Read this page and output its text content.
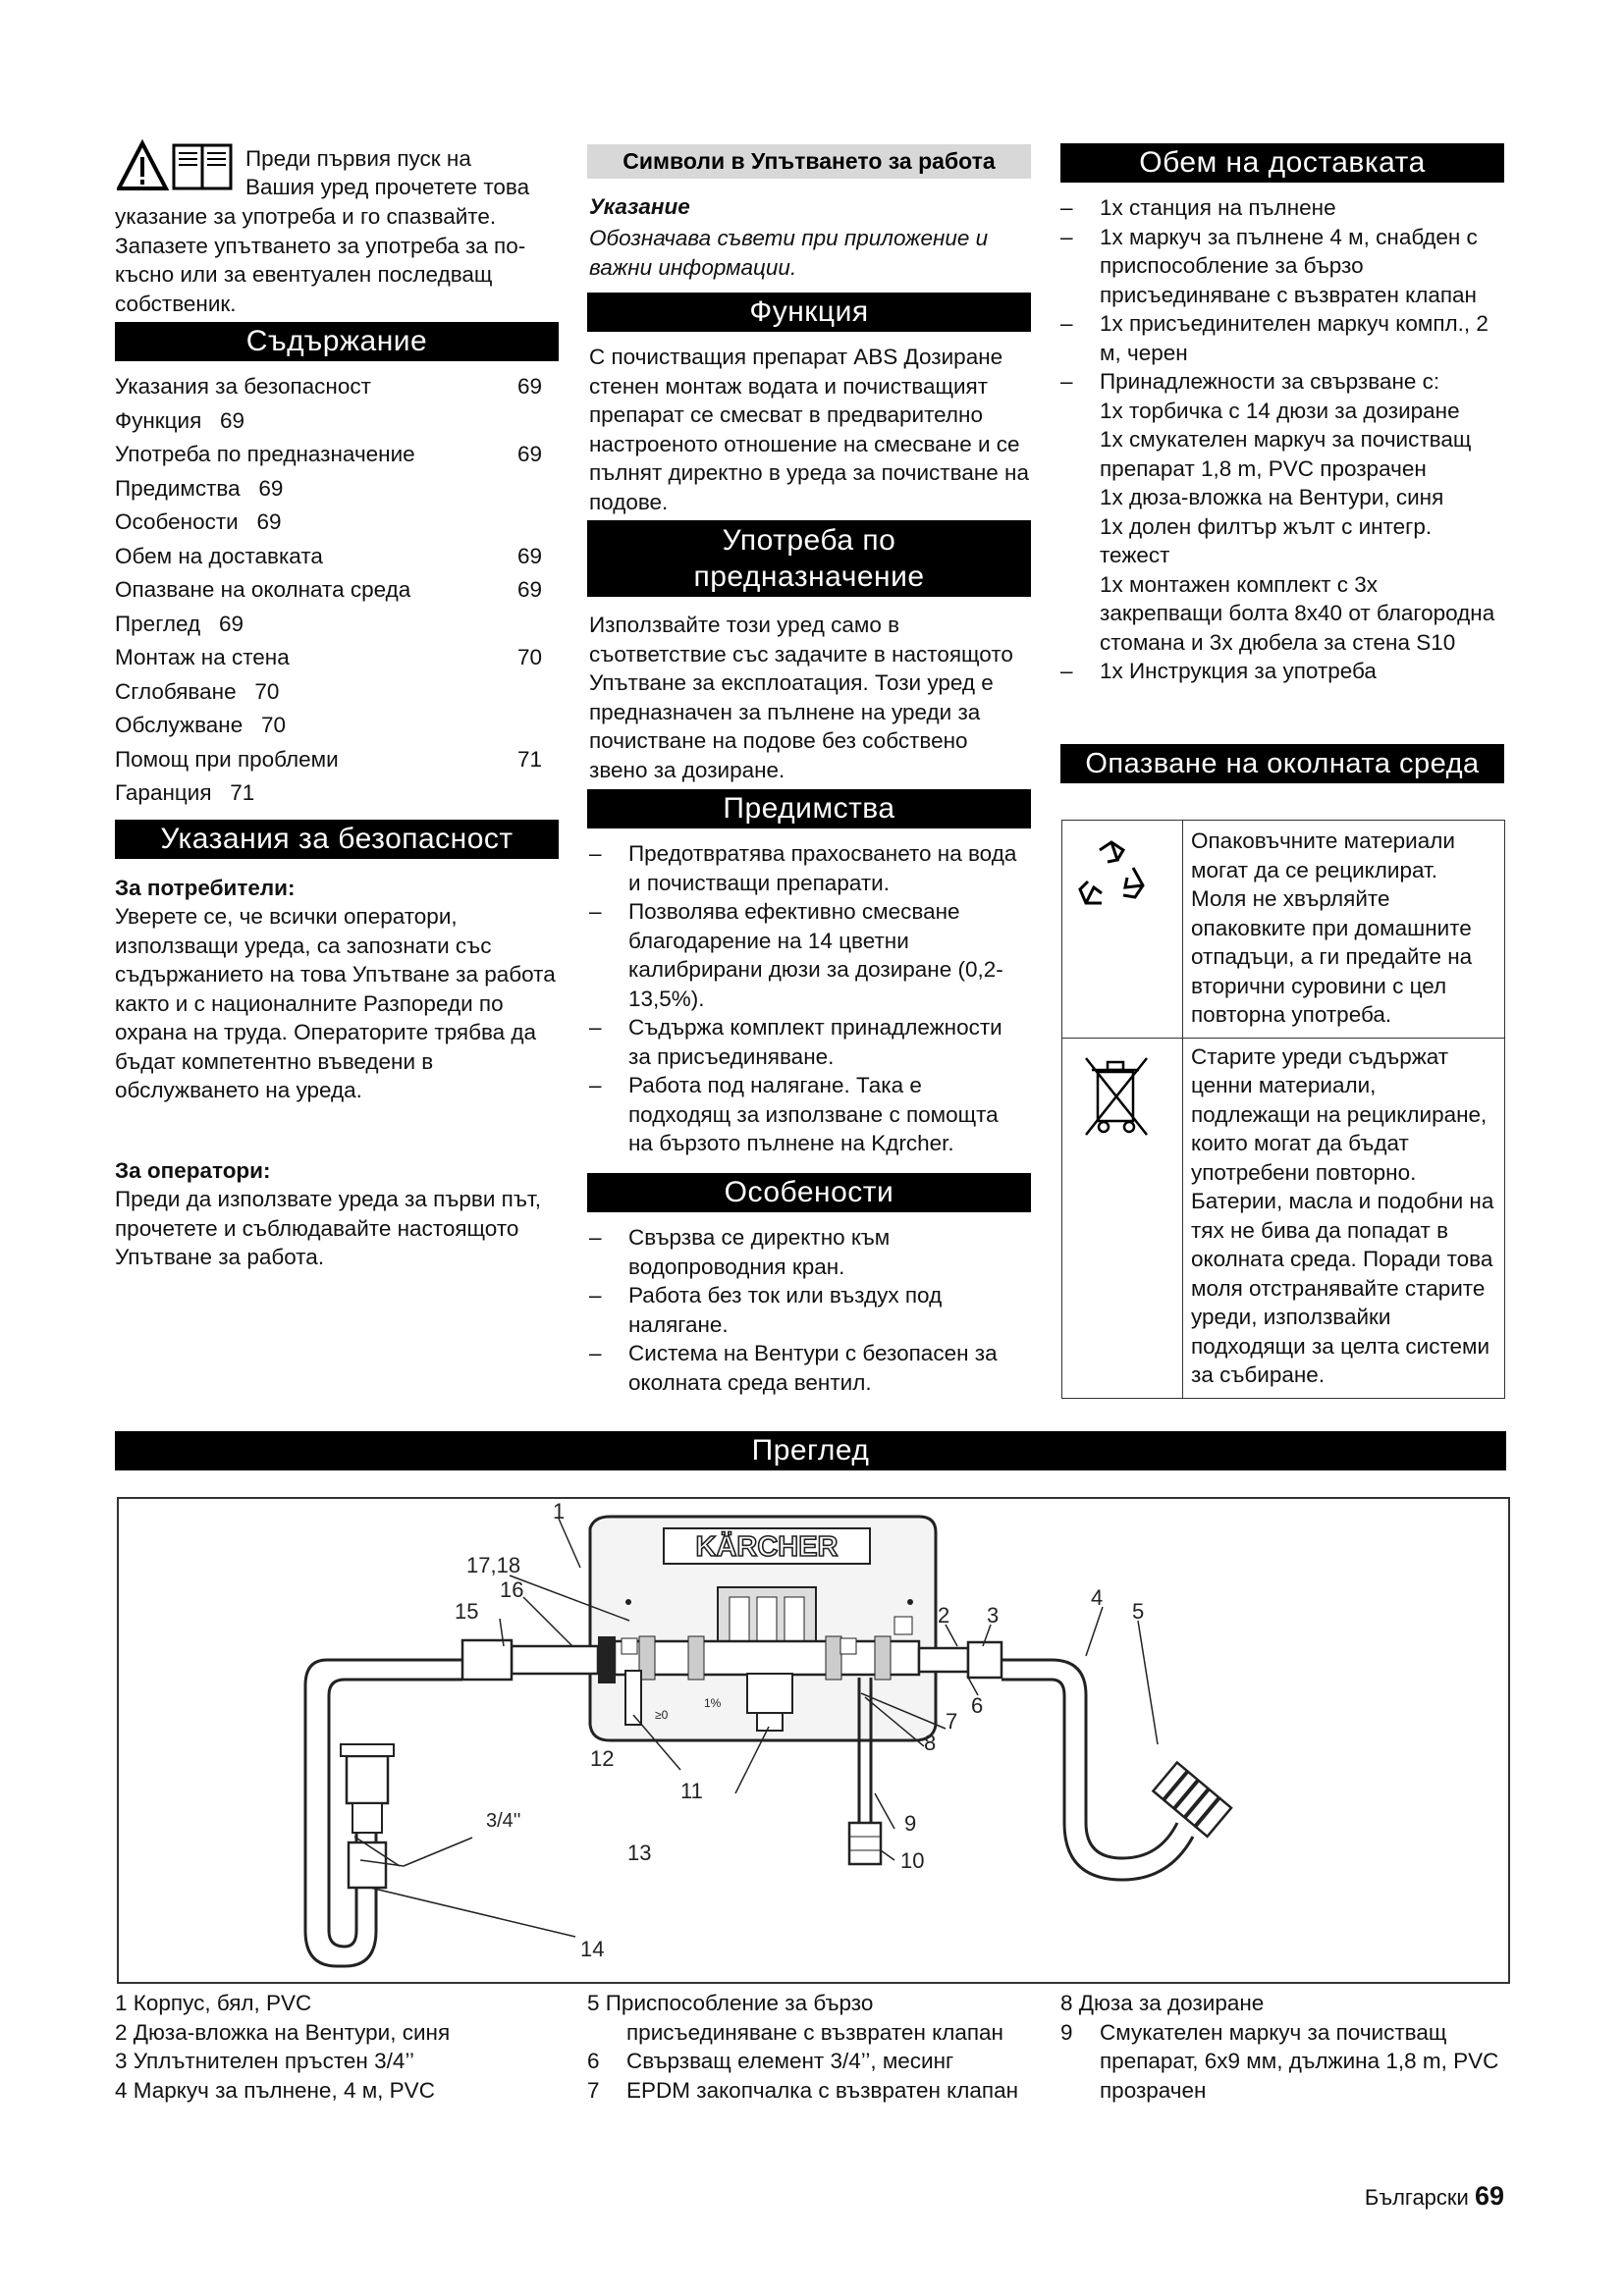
Преди първия пуск на
Вашия уред прочетете това
указание за употреба и го спазвайте. Запазете упътването за употреба за по-късно или за евентуален последващ собственик.
Съдържание
Указания за безопасност	69
Функция 69
Употреба по предназначение	69
Предимства 69
Особености 69
Обем на доставката	69
Опазване на околната среда	69
Преглед 69
Монтаж на стена	70
Сглобяване 70
Обслужване 70
Помощ при проблеми	71
Гаранция 71
Указания за безопасност
За потребители:
Уверете се, че всички оператори, използващи уреда, са запознати със съдържанието на това Упътване за работа както и с националните Разпореди по охрана на труда. Операторите трябва да бъдат компетентно въведени в обслужването на уреда.
За оператори:
Преди да използвате уреда за първи път, прочетете и съблюдавайте настоящото Упътване за работа.
Символи в Упътването за работа
Указание
Обозначава съвети при приложение и важни информации.
Функция
С почистващия препарат ABS Дозиране стенен монтаж водата и почистващият препарат се смесват в предварително настроеното отношение на смесване и се пълнят директно в уреда за почистване на подове.
Употреба по
предназначение
Използвайте този уред само в съответствие със задачите в настоящото Упътване за експлоатация. Този уред е предназначен за пълнене на уреди за почистване на подове без собствено звено за дозиране.
Предимства
– Предотвратява прахосването на вода и почистващи препарати.
– Позволява ефективно смесване благодарение на 14 цветни калибрирани дюзи за дозиране (0,2-13,5%).
– Съдържа комплект принадлежности за присъединяване.
– Работа под налягане. Така е подходящ за използване с помощта на бързото пълнене на Kдrcher.
Особености
– Свързва се директно към водопроводния кран.
– Работа без ток или въздух под налягане.
– Система на Вентури с безопасен за околната среда вентил.
Обем на доставката
– 1x станция на пълнене
– 1x маркуч за пълнене 4 м, снабден с приспособление за бързо присъединяване с възвратен клапан
– 1x присъединителен маркуч компл., 2 м, черен
– Принадлежности за свързване с:
1x торбичка с 14 дюзи за дозиране
1x смукателен маркуч за почистващ препарат 1,8 m, PVC прозрачен
1x дюза-вложка на Вентури, синя
1x долен филтър жълт с интегр. тежест
1x монтажен комплект с 3x закрепващи болта 8x40 от благородна стомана и 3x дюбела за стена S10
– 1x Инструкция за употреба
Опазване на околната среда

Опаковъчните материали могат да се рециклират. Моля не хвърляйте опаковките при домашните отпадъци, а ги предайте на вторични суровини с цел повторна употреба.

Старите уреди съдържат ценни материали, подлежащи на рециклиране, които могат да бъдат употребени повторно. Батерии, масла и подобни на тях не бива да попадат в околната среда. Поради това моля отстранявайте старите уреди, използвайки подходящи за целта системи за събиране.
Преглед
KÄRCHER
1%
≥0
1
17,18
16
15	2 3
4
5
6
7
8
9
10
11
12
13
14
3/4''
1 Корпус, бял, PVC
2 Дюза-вложка на Вентури, синя
3 Уплътнителен пръстен 3/4’’
4 Маркуч за пълнене, 4 м, PVC
5 Приспособление за бързо
присъединяване с възвратен клапан
6 Свързващ елемент 3/4’’, месинг
7 EPDM закопчалка с възвратен клапан
8 Дюза за дозиране
9 Смукателен маркуч за почистващ препарат, 6x9 мм, дължина 1,8 m, PVC прозрачен
Български 69
